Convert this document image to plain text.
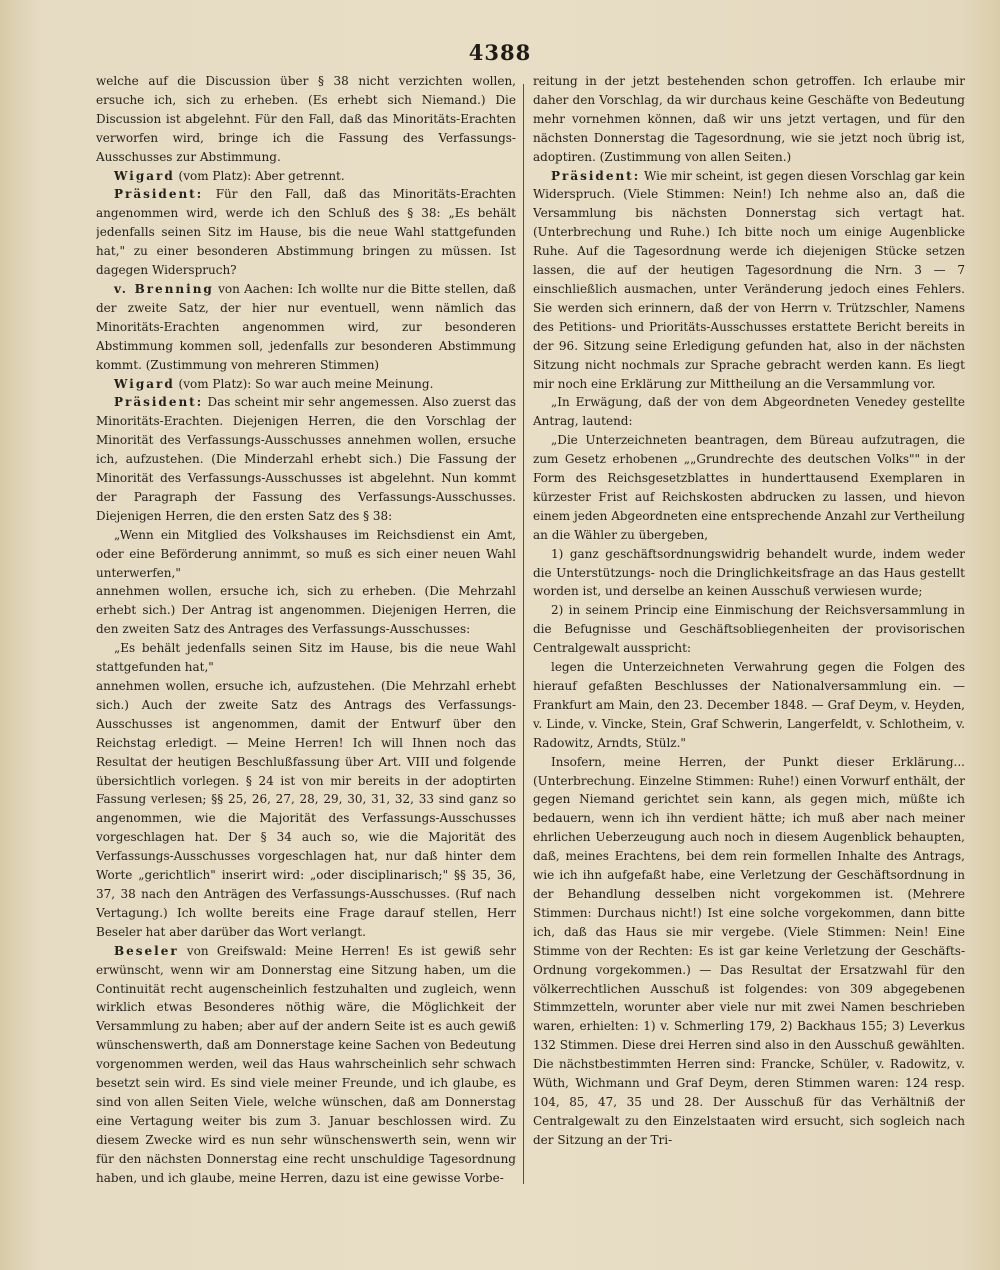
4388

welche auf die Discussion über § 38 nicht verzichten wollen, ersuche ich, sich zu erheben. (Es erhebt sich Niemand.) Die Discussion ist abgelehnt. Für den Fall, daß das Minoritäts-Erachten verworfen wird, bringe ich die Fassung des Verfassungs-Ausschusses zur Abstimmung.

Wigard (vom Platz): Aber getrennt.

Präsident: Für den Fall, daß das Minoritäts-Erachten angenommen wird, werde ich den Schluß des § 38: „Es behält jedenfalls seinen Sitz im Hause, bis die neue Wahl stattgefunden hat," zu einer besonderen Abstimmung bringen zu müssen. Ist dagegen Widerspruch?

v. Brenning von Aachen: Ich wollte nur die Bitte stellen, daß der zweite Satz, der hier nur eventuell, wenn nämlich das Minoritäts-Erachten angenommen wird, zur besonderen Abstimmung kommen soll, jedenfalls zur besonderen Abstimmung kommt. (Zustimmung von mehreren Stimmen)

Wigard (vom Platz): So war auch meine Meinung.

Präsident: Das scheint mir sehr angemessen. Also zuerst das Minoritäts-Erachten. Diejenigen Herren, die den Vorschlag der Minorität des Verfassungs-Ausschusses annehmen wollen, ersuche ich, aufzustehen. (Die Minderzahl erhebt sich.) Die Fassung der Minorität des Verfassungs-Ausschusses ist abgelehnt. Nun kommt der Paragraph der Fassung des Verfassungs-Ausschusses. Diejenigen Herren, die den ersten Satz des § 38:

„Wenn ein Mitglied des Volkshauses im Reichsdienst ein Amt, oder eine Beförderung annimmt, so muß es sich einer neuen Wahl unterwerfen,"

annehmen wollen, ersuche ich, sich zu erheben. (Die Mehrzahl erhebt sich.) Der Antrag ist angenommen. Diejenigen Herren, die den zweiten Satz des Antrages des Verfassungs-Ausschusses:

„Es behält jedenfalls seinen Sitz im Hause, bis die neue Wahl stattgefunden hat,"

annehmen wollen, ersuche ich, aufzustehen. (Die Mehrzahl erhebt sich.) Auch der zweite Satz des Antrags des Verfassungs-Ausschusses ist angenommen, damit der Entwurf über den Reichstag erledigt. — Meine Herren! Ich will Ihnen noch das Resultat der heutigen Beschlußfassung über Art. VIII und folgende übersichtlich vorlegen. § 24 ist von mir bereits in der adoptirten Fassung verlesen; §§ 25, 26, 27, 28, 29, 30, 31, 32, 33 sind ganz so angenommen, wie die Majorität des Verfassungs-Ausschusses vorgeschlagen hat. Der § 34 auch so, wie die Majorität des Verfassungs-Ausschusses vorgeschlagen hat, nur daß hinter dem Worte „gerichtlich" inserirt wird: „oder disciplinarisch;" §§ 35, 36, 37, 38 nach den Anträgen des Verfassungs-Ausschusses. (Ruf nach Vertagung.) Ich wollte bereits eine Frage darauf stellen, Herr Beseler hat aber darüber das Wort verlangt.

Beseler von Greifswald: Meine Herren! Es ist gewiß sehr erwünscht, wenn wir am Donnerstag eine Sitzung haben, um die Continuität recht augenscheinlich festzuhalten und zugleich, wenn wirklich etwas Besonderes nöthig wäre, die Möglichkeit der Versammlung zu haben; aber auf der andern Seite ist es auch gewiß wünschenswerth, daß am Donnerstage keine Sachen von Bedeutung vorgenommen werden, weil das Haus wahrscheinlich sehr schwach besetzt sein wird. Es sind viele meiner Freunde, und ich glaube, es sind von allen Seiten Viele, welche wünschen, daß am Donnerstag eine Vertagung weiter bis zum 3. Januar beschlossen wird. Zu diesem Zwecke wird es nun sehr wünschenswerth sein, wenn wir für den nächsten Donnerstag eine recht unschuldige Tagesordnung haben, und ich glaube, meine Herren, dazu ist eine gewisse Vorbe-

reitung in der jetzt bestehenden schon getroffen. Ich erlaube mir daher den Vorschlag, da wir durchaus keine Geschäfte von Bedeutung mehr vornehmen können, daß wir uns jetzt vertagen, und für den nächsten Donnerstag die Tagesordnung, wie sie jetzt noch übrig ist, adoptiren. (Zustimmung von allen Seiten.)

Präsident: Wie mir scheint, ist gegen diesen Vorschlag gar kein Widerspruch. (Viele Stimmen: Nein!) Ich nehme also an, daß die Versammlung bis nächsten Donnerstag sich vertagt hat. (Unterbrechung und Ruhe.) Ich bitte noch um einige Augenblicke Ruhe. Auf die Tagesordnung werde ich diejenigen Stücke setzen lassen, die auf der heutigen Tagesordnung die Nrn. 3 — 7 einschließlich ausmachen, unter Veränderung jedoch eines Fehlers. Sie werden sich erinnern, daß der von Herrn v. Trützschler, Namens des Petitions- und Prioritäts-Ausschusses erstattete Bericht bereits in der 96. Sitzung seine Erledigung gefunden hat, also in der nächsten Sitzung nicht nochmals zur Sprache gebracht werden kann. Es liegt mir noch eine Erklärung zur Mittheilung an die Versammlung vor.

„In Erwägung, daß der von dem Abgeordneten Venedey gestellte Antrag, lautend:

„Die Unterzeichneten beantragen, dem Büreau aufzutragen, die zum Gesetz erhobenen „„Grundrechte des deutschen Volks"" in der Form des Reichsgesetzblattes in hunderttausend Exemplaren in kürzester Frist auf Reichskosten abdrucken zu lassen, und hievon einem jeden Abgeordneten eine entsprechende Anzahl zur Vertheilung an die Wähler zu übergeben,

1) ganz geschäftsordnungswidrig behandelt wurde, indem weder die Unterstützungs- noch die Dringlichkeitsfrage an das Haus gestellt worden ist, und derselbe an keinen Ausschuß verwiesen wurde;

2) in seinem Princip eine Einmischung der Reichsversammlung in die Befugnisse und Geschäftsobliegenheiten der provisorischen Centralgewalt ausspricht:

legen die Unterzeichneten Verwahrung gegen die Folgen des hierauf gefaßten Beschlusses der Nationalversammlung ein. — Frankfurt am Main, den 23. December 1848. — Graf Deym, v. Heyden, v. Linde, v. Vincke, Stein, Graf Schwerin, Langerfeldt, v. Schlotheim, v. Radowitz, Arndts, Stülz."

Insofern, meine Herren, der Punkt dieser Erklärung... (Unterbrechung. Einzelne Stimmen: Ruhe!) einen Vorwurf enthält, der gegen Niemand gerichtet sein kann, als gegen mich, müßte ich bedauern, wenn ich ihn verdient hätte; ich muß aber nach meiner ehrlichen Ueberzeugung auch noch in diesem Augenblick behaupten, daß, meines Erachtens, bei dem rein formellen Inhalte des Antrags, wie ich ihn aufgefaßt habe, eine Verletzung der Geschäftsordnung in der Behandlung desselben nicht vorgekommen ist. (Mehrere Stimmen: Durchaus nicht!) Ist eine solche vorgekommen, dann bitte ich, daß das Haus sie mir vergebe. (Viele Stimmen: Nein! Eine Stimme von der Rechten: Es ist gar keine Verletzung der Geschäfts-Ordnung vorgekommen.) — Das Resultat der Ersatzwahl für den völkerrechtlichen Ausschuß ist folgendes: von 309 abgegebenen Stimmzetteln, worunter aber viele nur mit zwei Namen beschrieben waren, erhielten: 1) v. Schmerling 179, 2) Backhaus 155; 3) Leverkus 132 Stimmen. Diese drei Herren sind also in den Ausschuß gewählten. Die nächstbestimmten Herren sind: Francke, Schüler, v. Radowitz, v. Wüth, Wichmann und Graf Deym, deren Stimmen waren: 124 resp. 104, 85, 47, 35 und 28. Der Ausschuß für das Verhältniß der Centralgewalt zu den Einzelstaaten wird ersucht, sich sogleich nach der Sitzung an der Tri-
